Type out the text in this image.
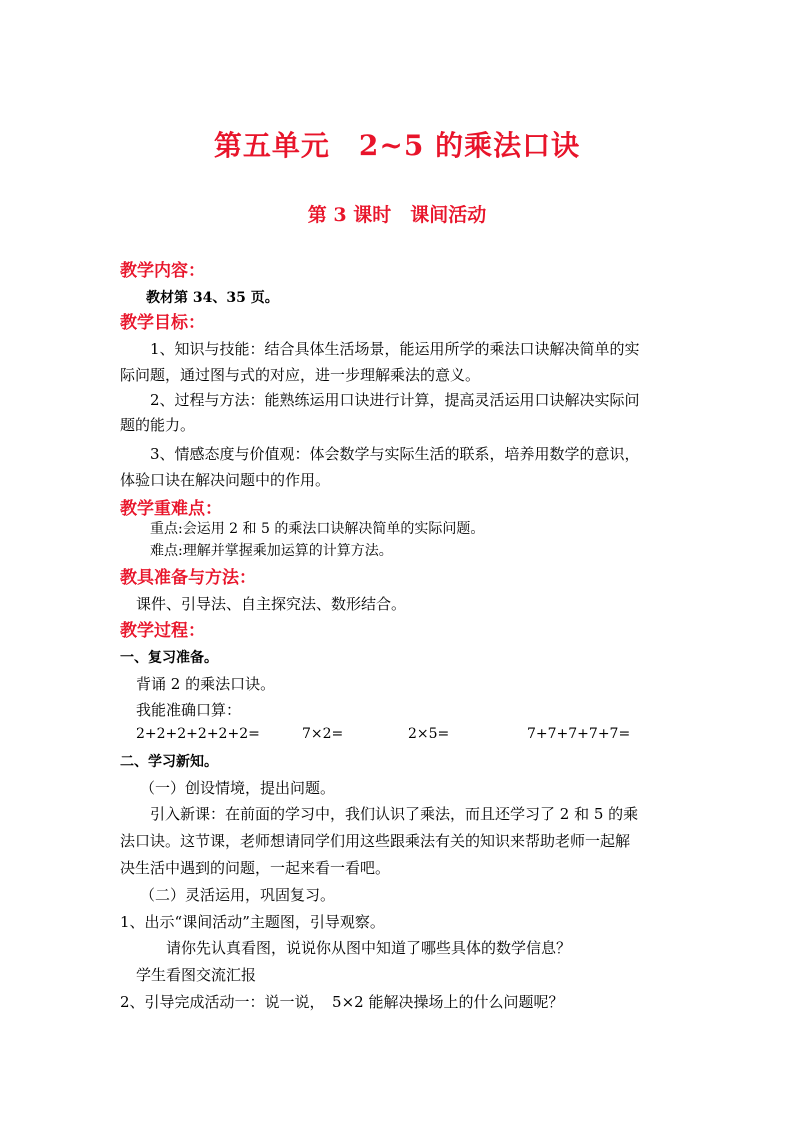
第五单元　2~5 的乘法口诀
第 3 课时　课间活动
教学内容：
教材第 34、35 页。
教学目标：
1、知识与技能：结合具体生活场景，能运用所学的乘法口诀解决简单的实
际问题，通过图与式的对应，进一步理解乘法的意义。
2、过程与方法：能熟练运用口诀进行计算，提高灵活运用口诀解决实际问
题的能力。
3、情感态度与价值观：体会数学与实际生活的联系，培养用数学的意识，
体验口诀在解决问题中的作用。
教学重难点：
重点:会运用 2 和 5 的乘法口诀解决简单的实际问题。
难点:理解并掌握乘加运算的计算方法。
教具准备与方法：
课件、引导法、自主探究法、数形结合。
教学过程：
一、复习准备。
背诵 2 的乘法口诀。
我能准确口算：
2+2+2+2+2+2=	7×2=	2×5=	7+7+7+7+7=
二、学习新知。
（一）创设情境，提出问题。
引入新课：在前面的学习中，我们认识了乘法，而且还学习了 2 和 5 的乘
法口诀。这节课，老师想请同学们用这些跟乘法有关的知识来帮助老师一起解
决生活中遇到的问题，一起来看一看吧。
（二）灵活运用，巩固复习。
1、出示“课间活动”主题图，引导观察。
请你先认真看图，说说你从图中知道了哪些具体的数学信息？
学生看图交流汇报
2、引导完成活动一：说一说，　5×2 能解决操场上的什么问题呢？
